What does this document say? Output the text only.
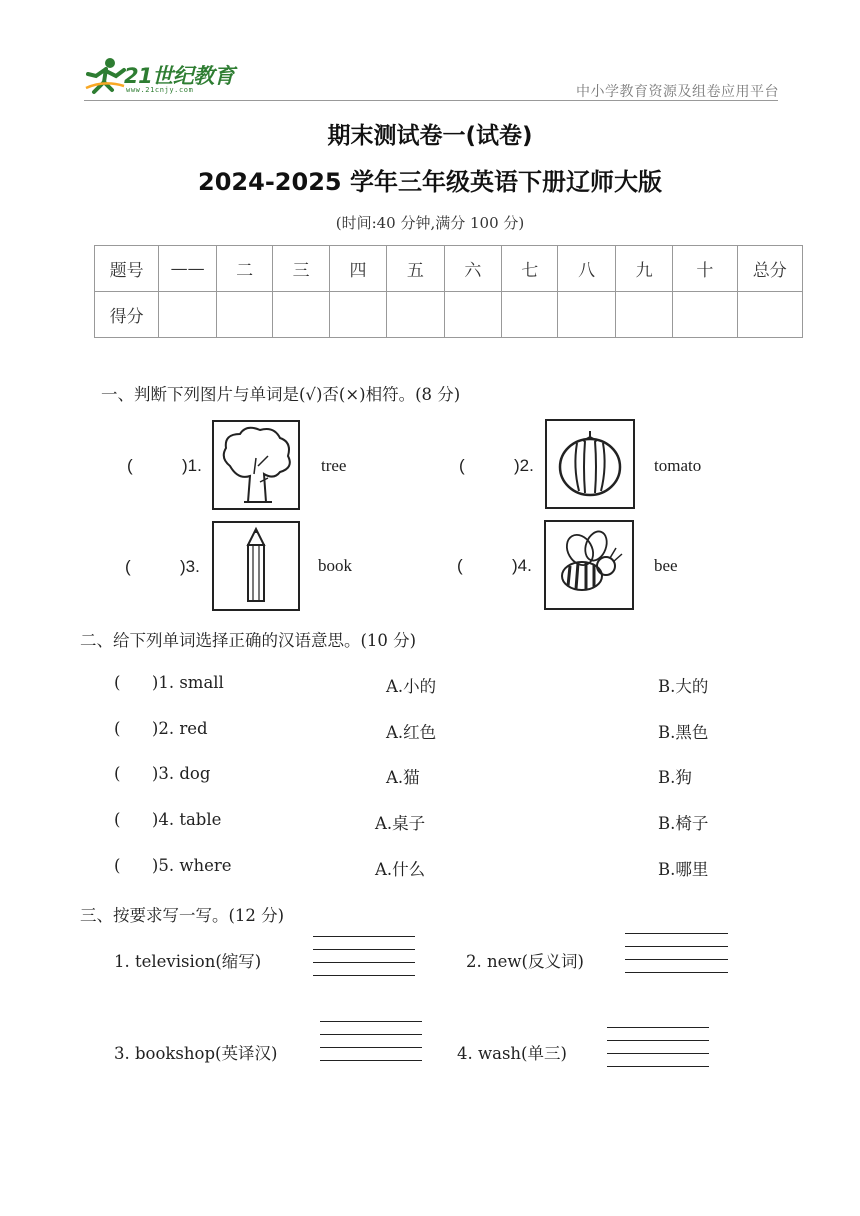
21世纪教育
www.21cnjy.com	中小学教育资源及组卷应用平台
期末测试卷一(试卷)
2024-2025 学年三年级英语下册辽师大版
(时间:40 分钟,满分 100 分)
题号	——	二	三	四	五	六	七	八	九	十	总分
得分											
一、判断下列图片与单词是(√)否(×)相符。(8 分)
(	)1.	tree	(	)2.	tomato
(	)3.	book	(	)4.	bee
二、给下列单词选择正确的汉语意思。(10 分)
(      )1. small	A.小的	B.大的
(      )2. red	A.红色	B.黑色
(      )3. dog	A.猫	B.狗
(      )4. table	A.桌子	B.椅子
(      )5. where	A.什么	B.哪里
三、按要求写一写。(12 分)
1. television(缩写)	2. new(反义词)
3. bookshop(英译汉)	4. wash(单三)
